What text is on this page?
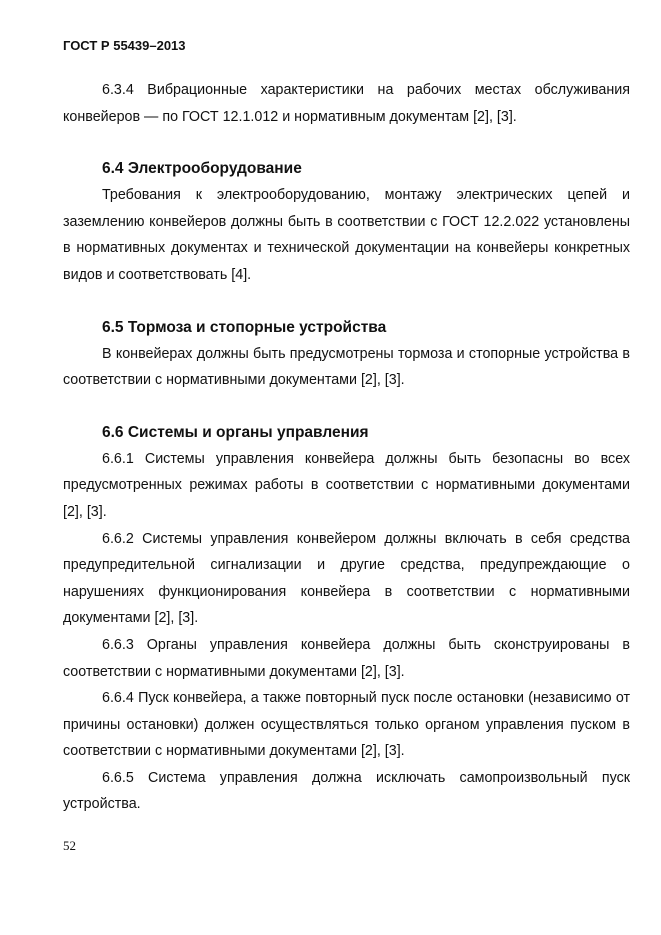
ГОСТ Р 55439–2013

6.3.4 Вибрационные характеристики на рабочих местах обслуживания конвейеров — по ГОСТ 12.1.012 и нормативным документам [2], [3].

6.4 Электрооборудование

Требования к электрооборудованию, монтажу электрических цепей и заземлению конвейеров должны быть в соответствии с ГОСТ 12.2.022 установлены в нормативных документах и технической документации на конвейеры конкретных видов и соответствовать [4].

6.5 Тормоза и стопорные устройства

В конвейерах должны быть предусмотрены тормоза и стопорные устройства в соответствии с нормативными документами [2], [3].

6.6 Системы и органы управления

6.6.1 Системы управления конвейера должны быть безопасны во всех предусмотренных режимах работы в соответствии с нормативными документами [2], [3].

6.6.2 Системы управления конвейером должны включать в себя средства предупредительной сигнализации и другие средства, предупреждающие о нарушениях функционирования конвейера в соответствии с нормативными документами [2], [3].

6.6.3 Органы управления конвейера должны быть сконструированы в соответствии с нормативными документами [2], [3].

6.6.4 Пуск конвейера, а также повторный пуск после остановки (независимо от причины остановки) должен осуществляться только органом управления пуском в соответствии с нормативными документами [2], [3].

6.6.5 Система управления должна исключать самопроизвольный пуск устройства.

52
